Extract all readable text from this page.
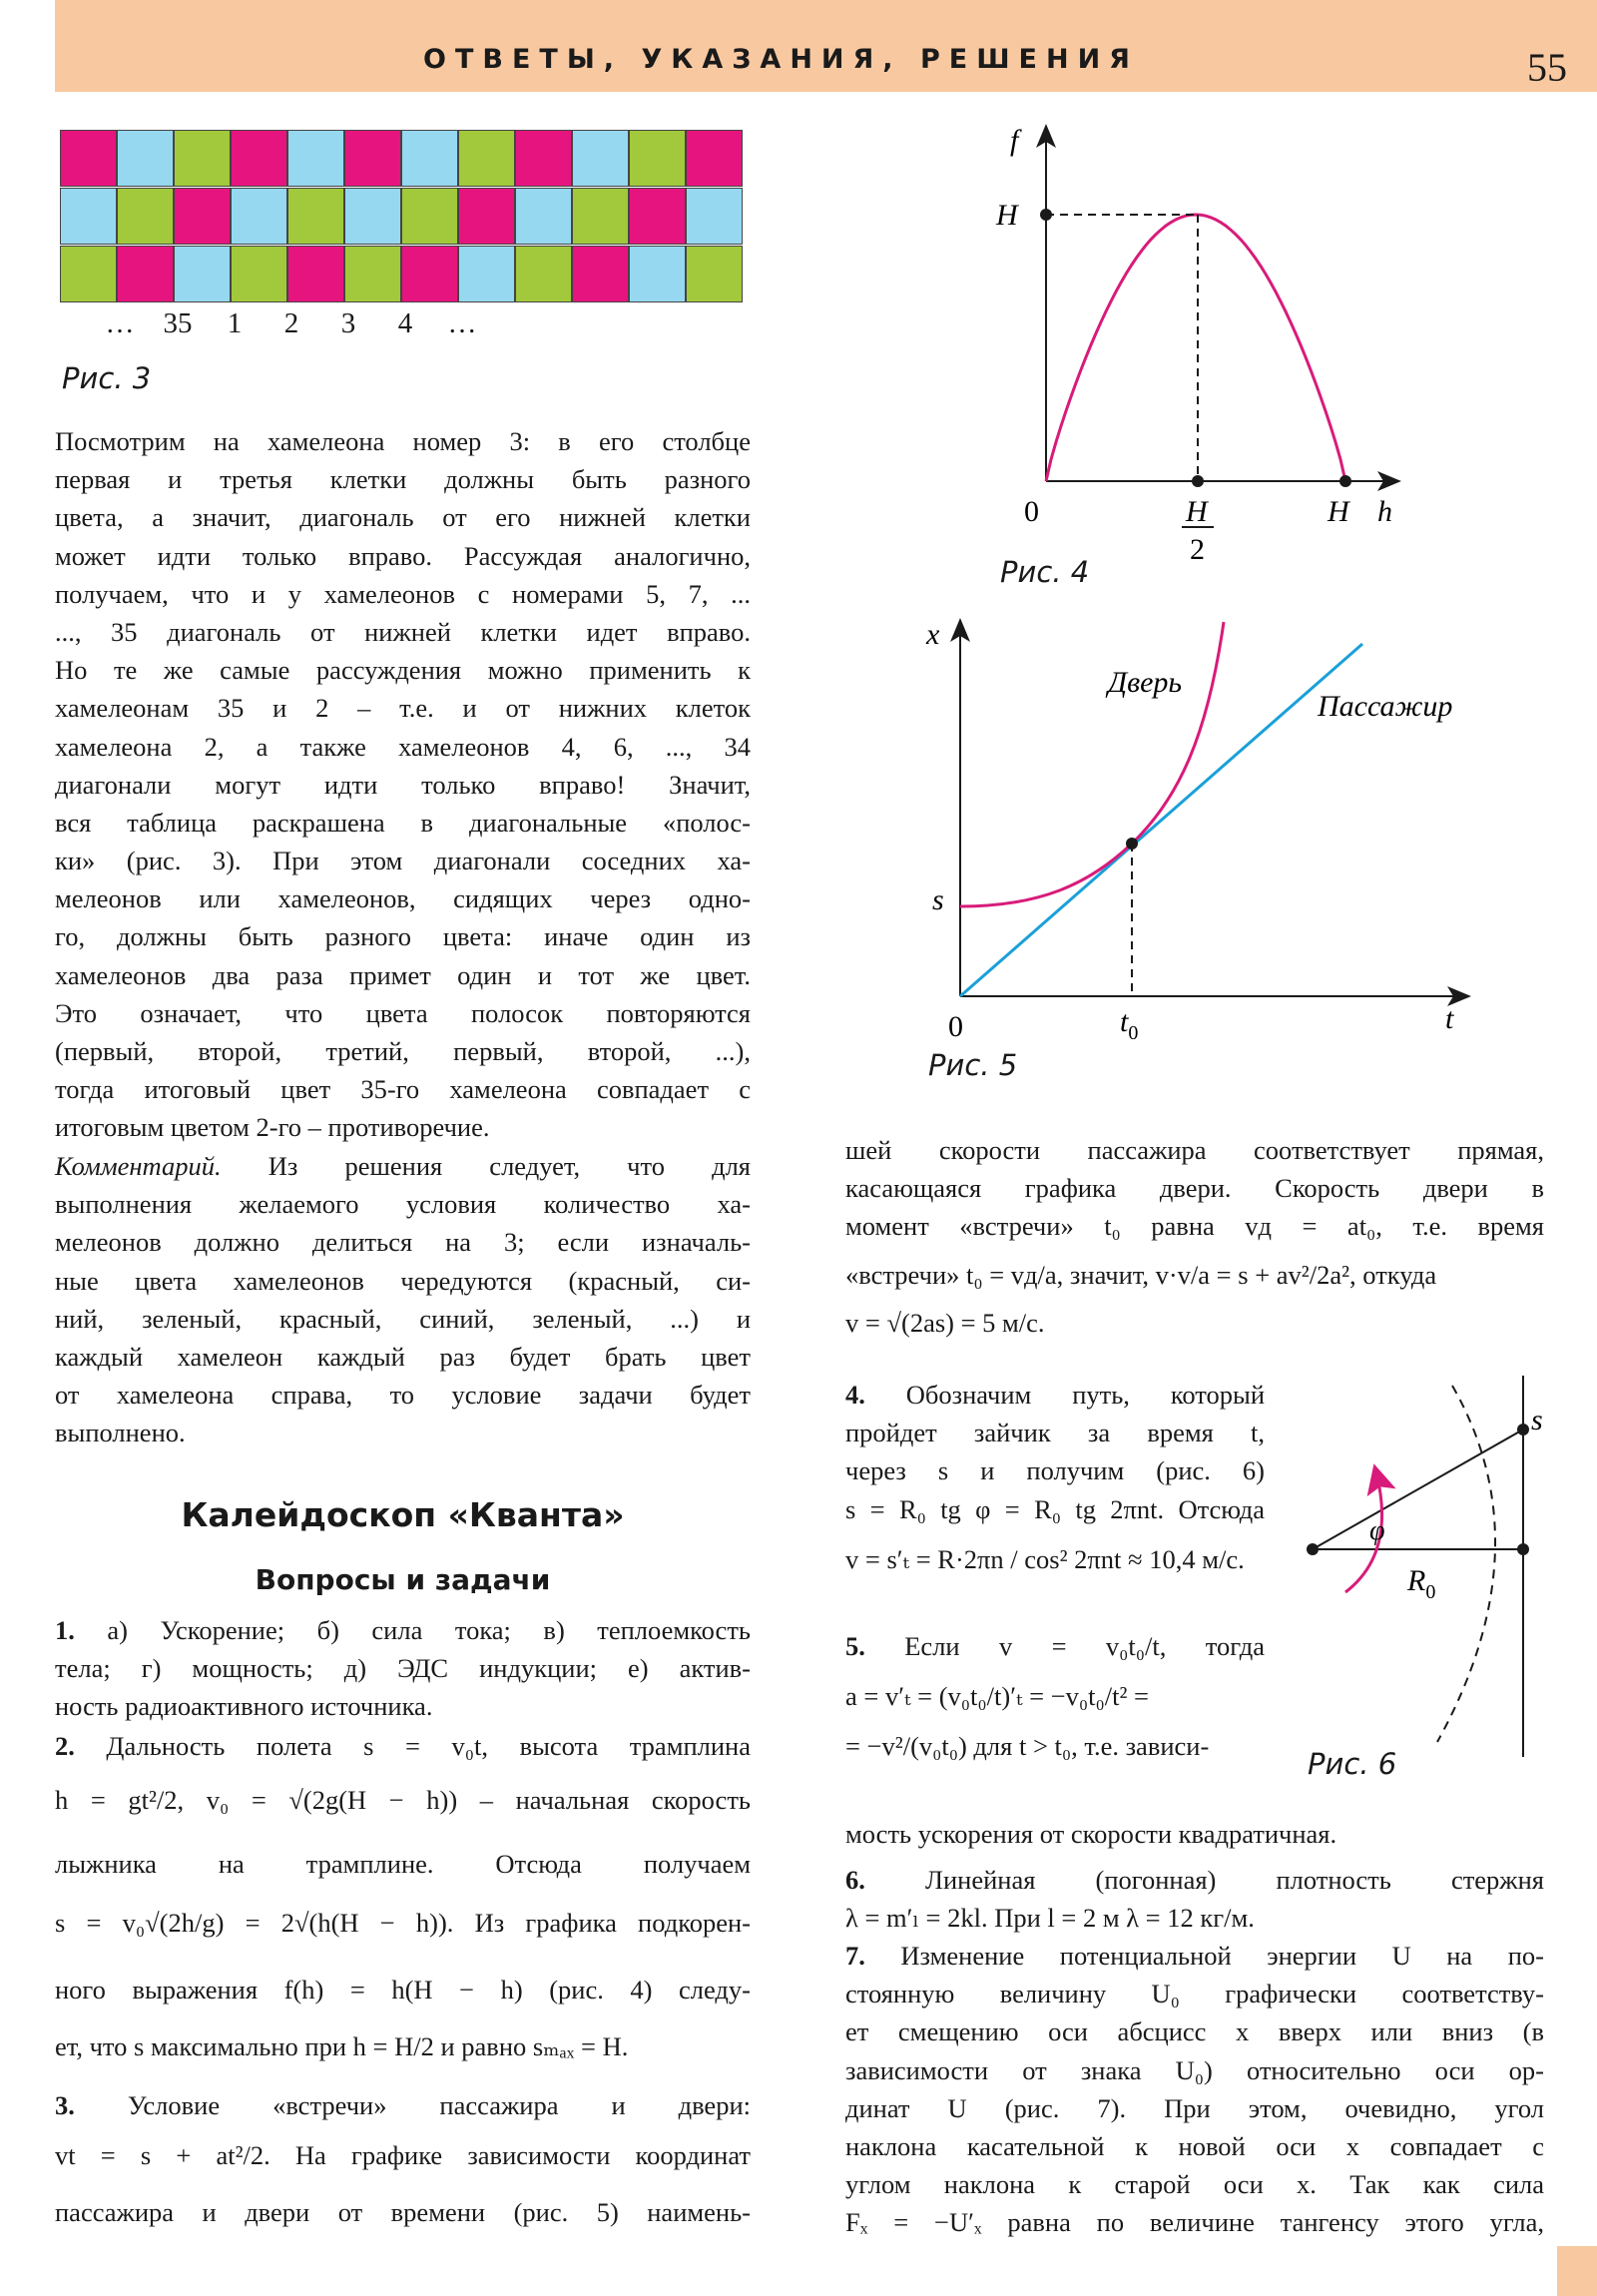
ОТВЕТЫ, УКАЗАНИЯ, РЕШЕНИЯ	55
… 35	1	2	3	4	…
Рис. 3
Посмотрим на хамелеона номер 3: в его столбце
первая и третья клетки должны быть разного
цвета, а значит, диагональ от его нижней клетки
может идти только вправо. Рассуждая аналогично,
получаем, что и у хамелеонов с номерами 5, 7, ...
..., 35 диагональ от нижней клетки идет вправо.
Но те же самые рассуждения можно применить к
хамелеонам 35 и 2 – т.е. и от нижних клеток
хамелеона 2, а также хамелеонов 4, 6, ..., 34
диагонали могут идти только вправо! Значит,
вся таблица раскрашена в диагональные «полос-
ки» (рис. 3). При этом диагонали соседних ха-
мелеонов или хамелеонов, сидящих через одно-
го, должны быть разного цвета: иначе один из
хамелеонов два раза примет один и тот же цвет.
Это означает, что цвета полосок повторяются
(первый, второй, третий, первый, второй, ...),
тогда итоговый цвет 35-го хамелеона совпадает с
итоговым цветом 2-го – противоречие.
Комментарий. Из решения следует, что для
выполнения желаемого условия количество ха-
мелеонов должно делиться на 3; если изначаль-
ные цвета хамелеонов чередуются (красный, си-
ний, зеленый, красный, синий, зеленый, ...) и
каждый хамелеон каждый раз будет брать цвет
от хамелеона справа, то условие задачи будет
выполнено.
Калейдоскоп «Кванта»
Вопросы и задачи
1. а) Ускорение; б) сила тока; в) теплоемкость
тела; г) мощность; д) ЭДС индукции; е) актив-
ность радиоактивного источника.
2. Дальность полета s = v₀t, высота трамплина
h = gt²/2, v₀ = √(2g(H − h)) – начальная скорость
лыжника на трамплине. Отсюда получаем
s = v₀√(2h/g) = 2√(h(H − h)). Из графика подкорен-
ного выражения f(h) = h(H − h) (рис. 4) следу-
ет, что s максимально при h = H/2 и равно sₘₐₓ = H.
3. Условие «встречи» пассажира и двери:
vt = s + at²/2. На графике зависимости координат
пассажира и двери от времени (рис. 5) наимень-
f
h
0
H
H
2
H
Рис. 4
x
t
0
s
$t_0$
Дверь
Пассажир
Рис. 5
шей скорости пассажира соответствует прямая,
касающаяся графика двери. Скорость двери в
момент «встречи» t₀ равна vд = at₀, т.е. время
«встречи» t₀ = vд/a, значит, v·v/a = s + av²/2a², откуда
v = √(2as) = 5 м/с.
4. Обозначим путь, который
пройдет зайчик за время t,
через s и получим (рис. 6)
s = R₀ tg φ = R₀ tg 2πnt. Отсюда
v = s′ₜ = R·2πn / cos² 2πnt ≈ 10,4 м/с.
5. Если v = v₀t₀/t, тогда
a = v′ₜ = (v₀t₀/t)′ₜ = −v₀t₀/t² =
= −v²/(v₀t₀) для t > t₀, т.е. зависи-
мость ускорения от скорости квадратичная.
φ
$R_0$
s
Рис. 6
6. Линейная (погонная) плотность стержня
λ = m′ₗ = 2kl. При l = 2 м λ = 12 кг/м.
7. Изменение потенциальной энергии U на по-
стоянную величину U₀ графически соответству-
ет смещению оси абсцисс x вверх или вниз (в
зависимости от знака U₀) относительно оси ор-
динат U (рис. 7). При этом, очевидно, угол
наклона касательной к новой оси x совпадает с
углом наклона к старой оси x. Так как сила
Fₓ = −U′ₓ равна по величине тангенсу этого угла,
